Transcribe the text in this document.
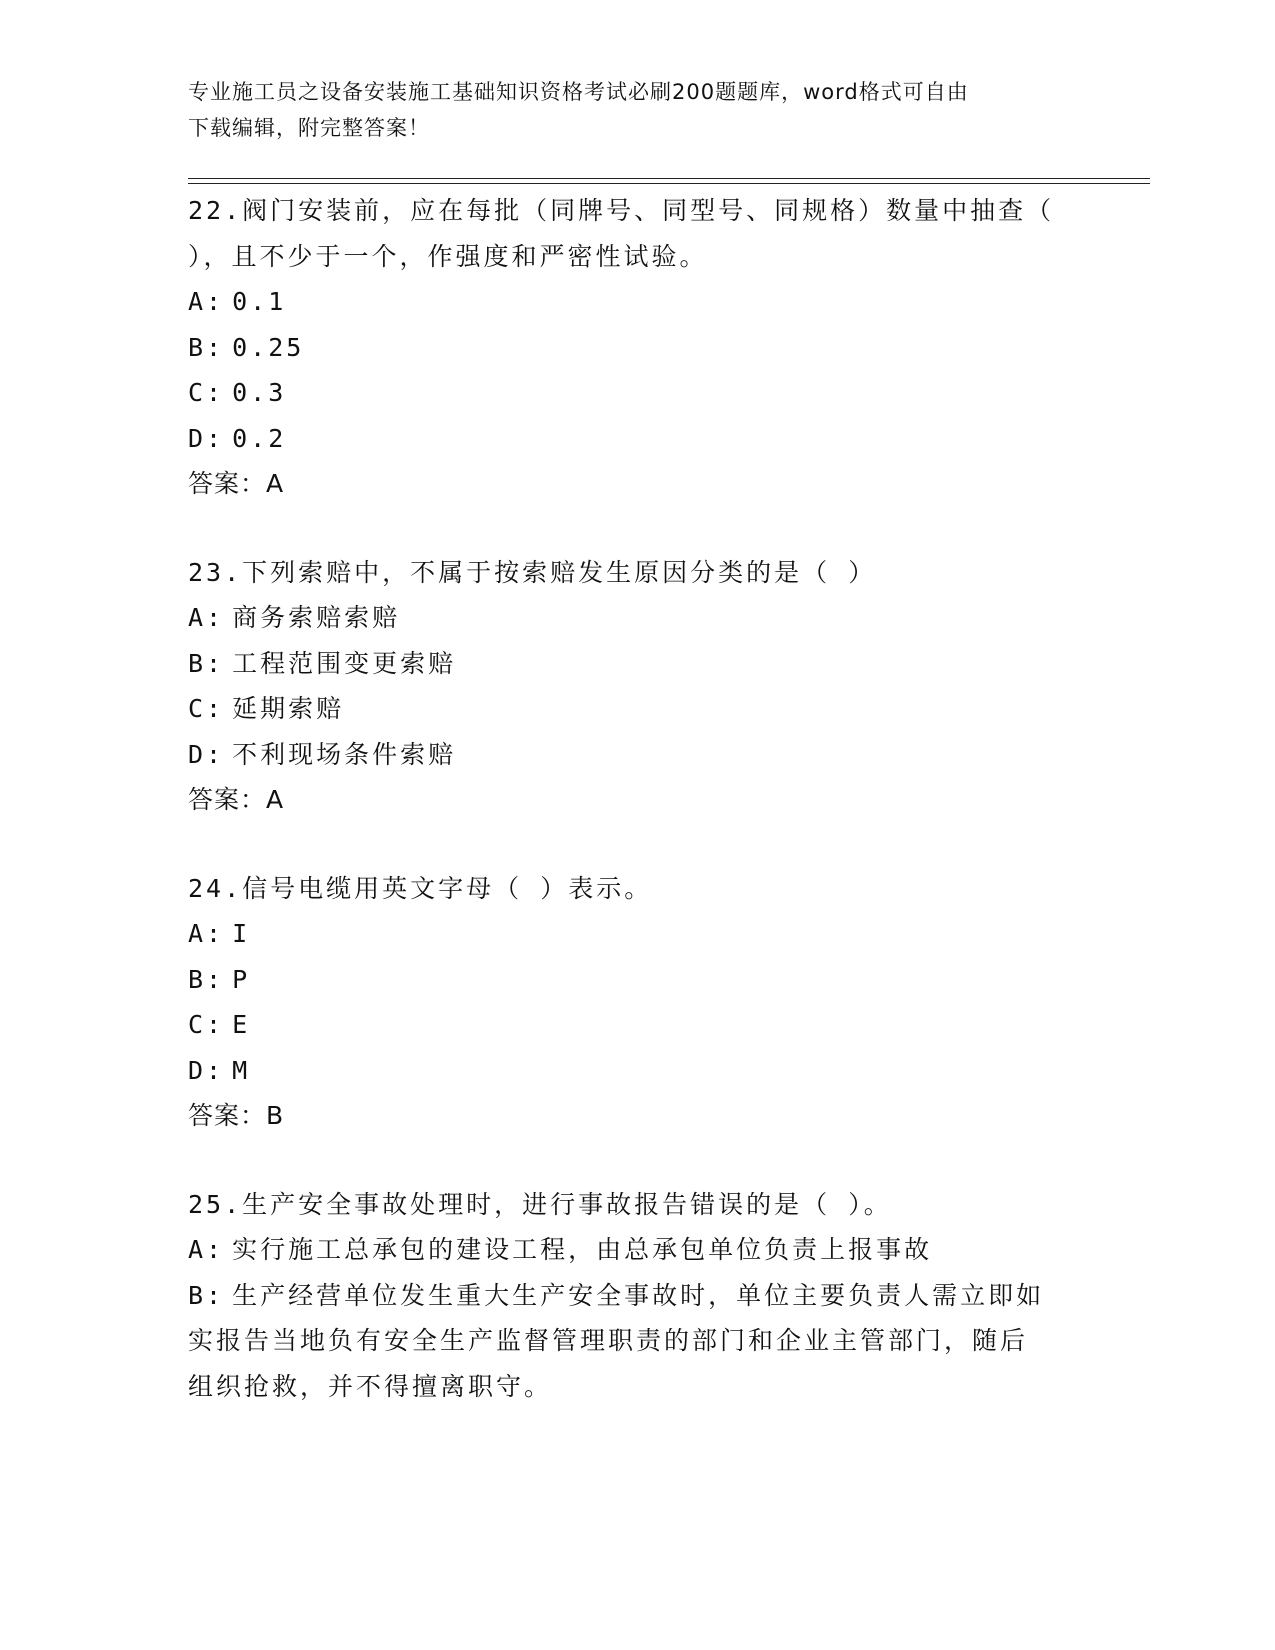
专业施工员之设备安装施工基础知识资格考试必刷200题题库，word格式可自由
下载编辑，附完整答案！
22.阀门安装前，应在每批（同牌号、同型号、同规格）数量中抽查（
），且不少于一个，作强度和严密性试验。
A: 0.1
B: 0.25
C: 0.3
D: 0.2
答案：A
23.下列索赔中，不属于按索赔发生原因分类的是（ ）
A: 商务索赔索赔
B: 工程范围变更索赔
C: 延期索赔
D: 不利现场条件索赔
答案：A
24.信号电缆用英文字母（ ）表示。
A: I
B: P
C: E
D: M
答案：B
25.生产安全事故处理时，进行事故报告错误的是（ ）。
A: 实行施工总承包的建设工程，由总承包单位负责上报事故
B: 生产经营单位发生重大生产安全事故时，单位主要负责人需立即如
实报告当地负有安全生产监督管理职责的部门和企业主管部门，随后
组织抢救，并不得擅离职守。
